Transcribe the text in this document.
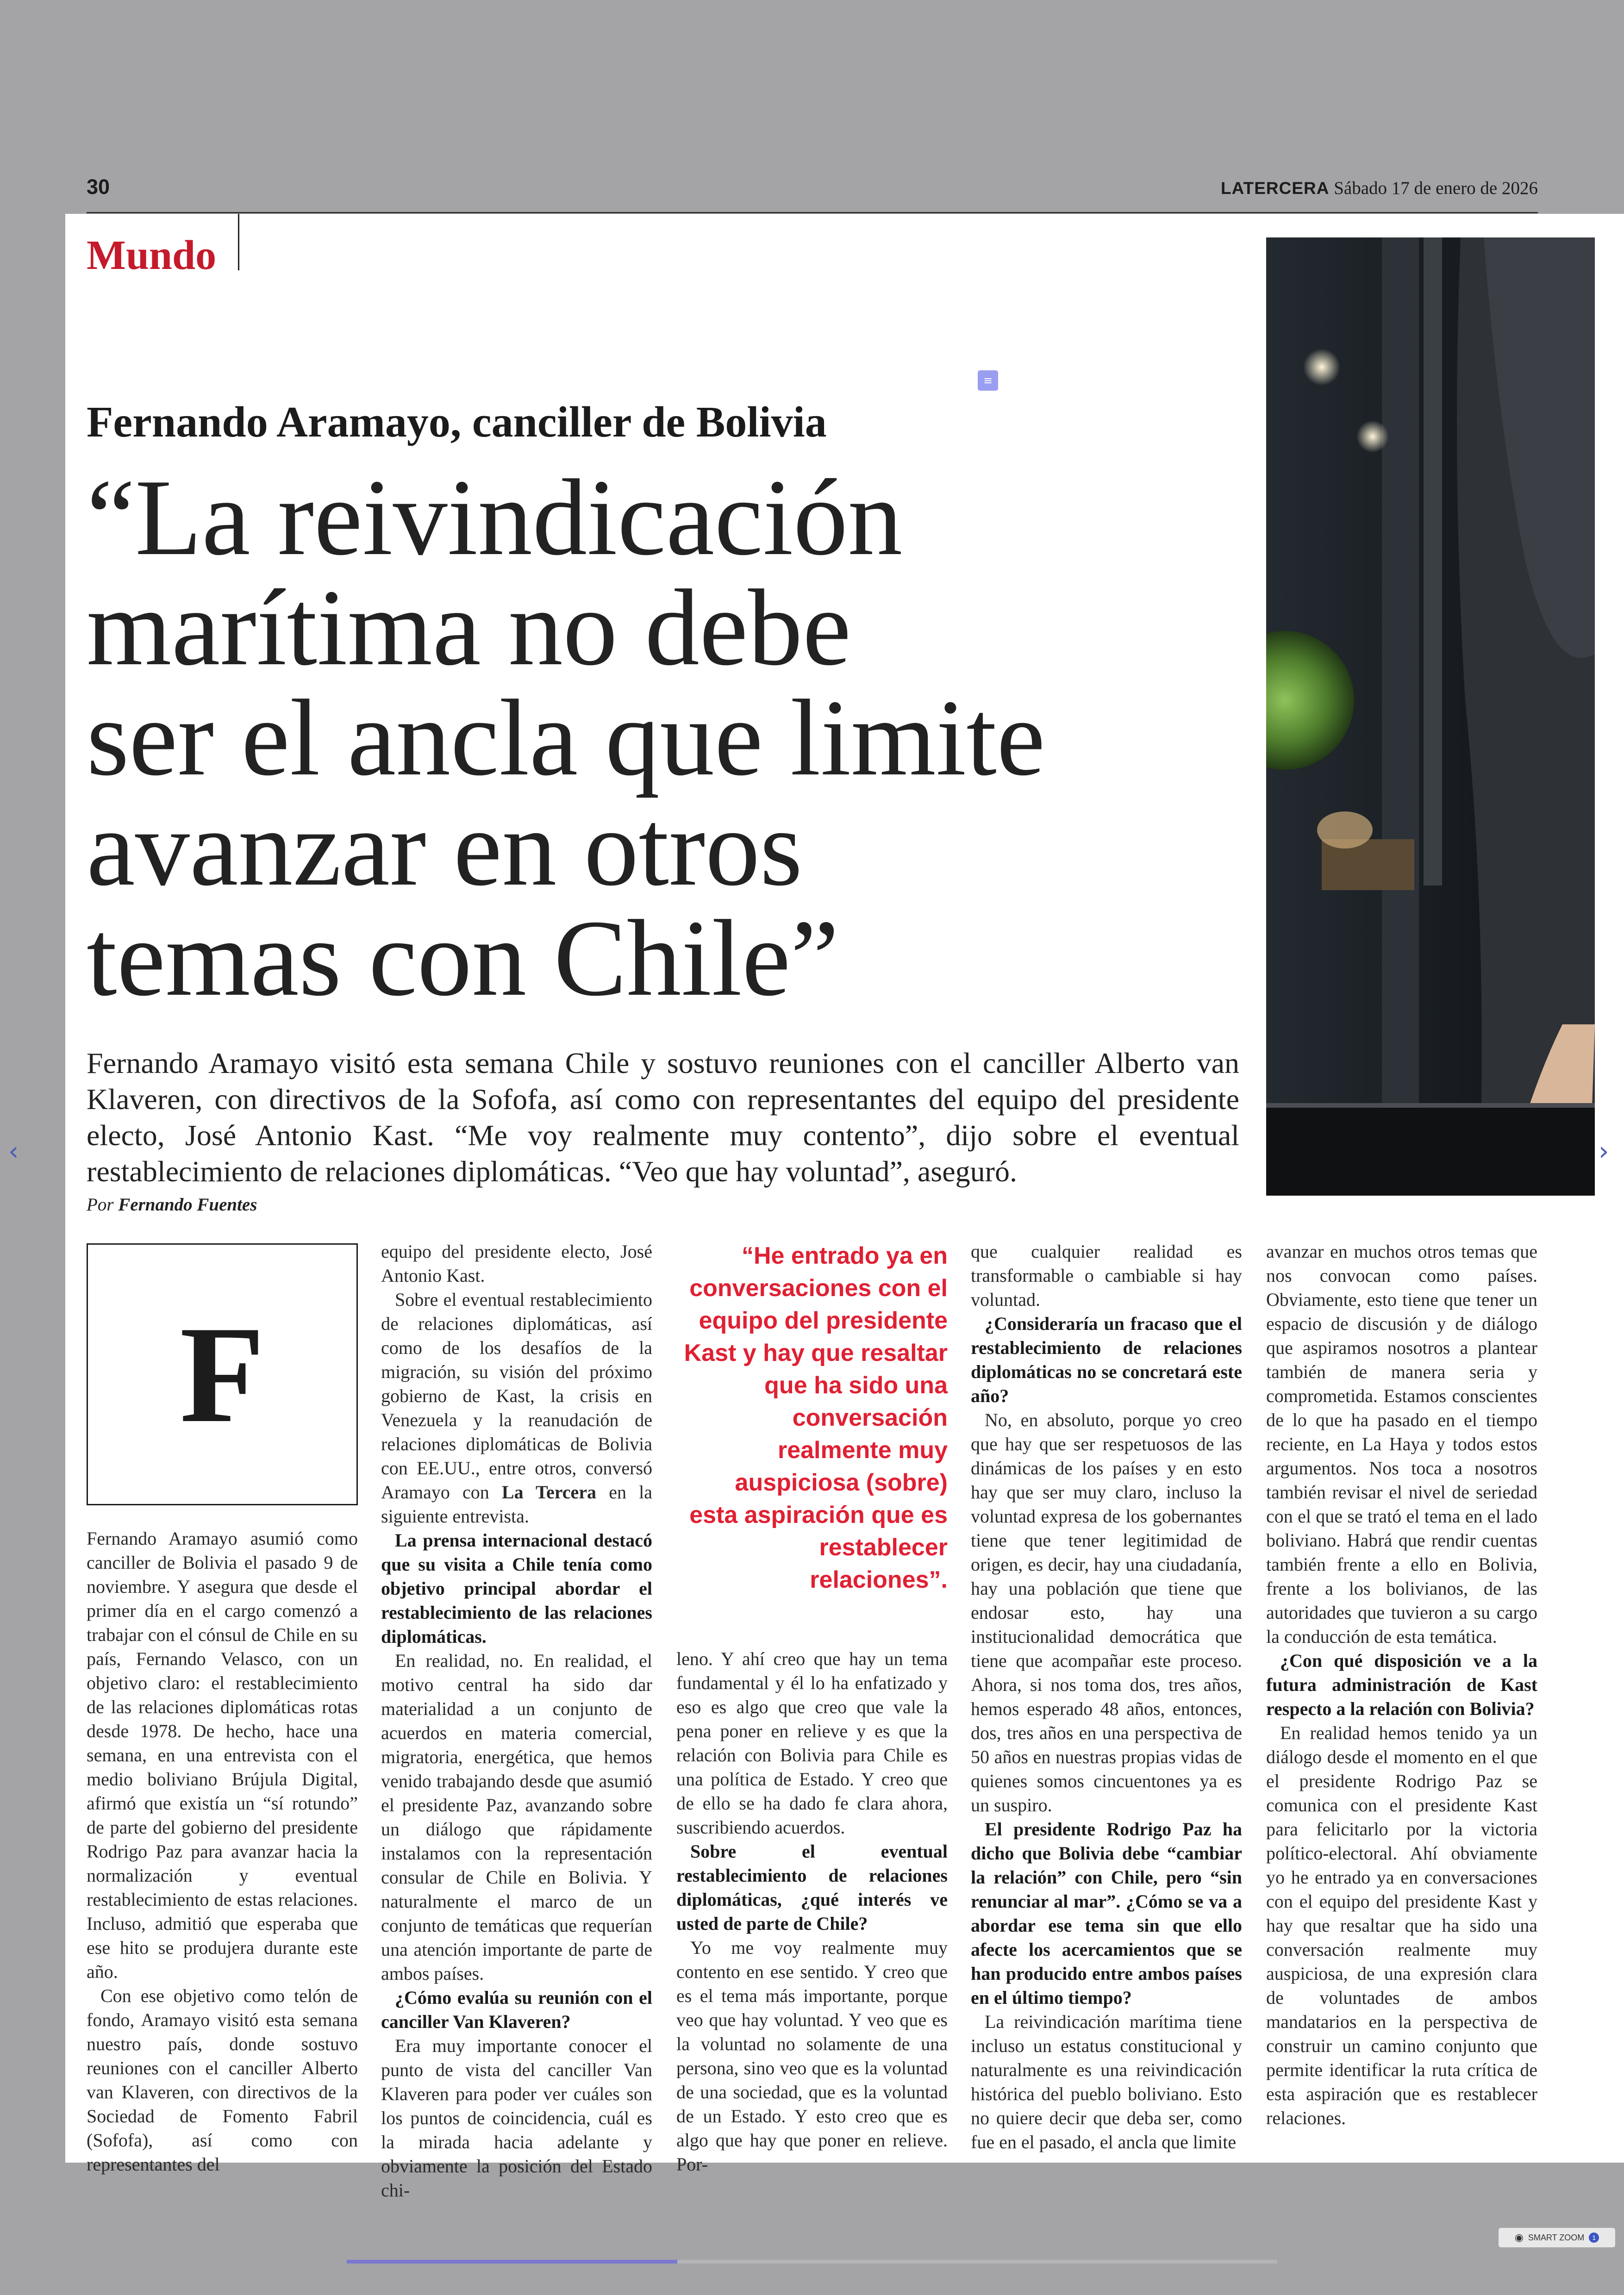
30	LATERCERA Sábado 17 de enero de 2026
Mundo
≡
Fernando Aramayo, canciller de Bolivia
“La reivindicación
marítima no debe
ser el ancla que limite
avanzar en otros
temas con Chile”

Fernando Aramayo visitó esta semana Chile y sostuvo reuniones con el canciller Alberto van Klaveren, con directivos de la Sofofa, así como con representantes del equipo del presidente electo, José Antonio Kast. “Me voy realmente muy contento”, dijo sobre el eventual restablecimiento de relaciones diplomáticas. “Veo que hay voluntad”, aseguró.

Por Fernando Fuentes
F

Fernando Aramayo asumió como canciller de Bolivia el pasado 9 de noviembre. Y asegura que desde el primer día en el cargo comenzó a trabajar con el cónsul de Chile en su país, Fernando Velasco, con un objetivo claro: el restablecimiento de las relaciones diplomáticas rotas desde 1978. De hecho, hace una semana, en una entrevista con el medio boliviano Brújula Digital, afirmó que existía un “sí rotundo” de parte del gobierno del presidente Rodrigo Paz para avanzar hacia la normalización y eventual restablecimiento de estas relaciones. Incluso, admitió que esperaba que ese hito se produjera durante este año.

Con ese objetivo como telón de fondo, Aramayo visitó esta semana nuestro país, donde sostuvo reuniones con el canciller Alberto van Klaveren, con directivos de la Sociedad de Fomento Fabril (Sofofa), así como con representantes del

equipo del presidente electo, José Antonio Kast.

Sobre el eventual restablecimiento de relaciones diplomáticas, así como de los desafíos de la migración, su visión del próximo gobierno de Kast, la crisis en Venezuela y la reanudación de relaciones diplomáticas de Bolivia con EE.UU., entre otros, conversó Aramayo con La Tercera en la siguiente entrevista.

La prensa internacional destacó que su visita a Chile tenía como objetivo principal abordar el restablecimiento de las relaciones diplomáticas.

En realidad, no. En realidad, el motivo central ha sido dar materialidad a un conjunto de acuerdos en materia comercial, migratoria, energética, que hemos venido trabajando desde que asumió el presidente Paz, avanzando sobre un diálogo que rápidamente instalamos con la representación consular de Chile en Bolivia. Y naturalmente el marco de un conjunto de temáticas que requerían una atención importante de parte de ambos países.

¿Cómo evalúa su reunión con el canciller Van Klaveren?

Era muy importante conocer el punto de vista del canciller Van Klaveren para poder ver cuáles son los puntos de coincidencia, cuál es la mirada hacia adelante y obviamente la posición del Estado chi-

“He entrado ya en conversaciones con el equipo del presidente Kast y hay que resaltar que ha sido una conversación realmente muy auspiciosa (sobre) esta aspiración que es restablecer relaciones”.

leno. Y ahí creo que hay un tema fundamental y él lo ha enfatizado y eso es algo que creo que vale la pena poner en relieve y es que la relación con Bolivia para Chile es una política de Estado. Y creo que de ello se ha dado fe clara ahora, suscribiendo acuerdos.

Sobre el eventual restablecimiento de relaciones diplomáticas, ¿qué interés ve usted de parte de Chile?

Yo me voy realmente muy contento en ese sentido. Y creo que es el tema más importante, porque veo que hay voluntad. Y veo que es la voluntad no solamente de una persona, sino veo que es la voluntad de una sociedad, que es la voluntad de un Estado. Y esto creo que es algo que hay que poner en relieve. Por-

que cualquier realidad es transformable o cambiable si hay voluntad.

¿Consideraría un fracaso que el restablecimiento de relaciones diplomáticas no se concretará este año?

No, en absoluto, porque yo creo que hay que ser respetuosos de las dinámicas de los países y en esto hay que ser muy claro, incluso la voluntad expresa de los gobernantes tiene que tener legitimidad de origen, es decir, hay una ciudadanía, hay una población que tiene que endosar esto, hay una institucionalidad democrática que tiene que acompañar este proceso. Ahora, si nos toma dos, tres años, hemos esperado 48 años, entonces, dos, tres años en una perspectiva de 50 años en nuestras propias vidas de quienes somos cincuentones ya es un suspiro.

El presidente Rodrigo Paz ha dicho que Bolivia debe “cambiar la relación” con Chile, pero “sin renunciar al mar”. ¿Cómo se va a abordar ese tema sin que ello afecte los acercamientos que se han producido entre ambos países en el último tiempo?

La reivindicación marítima tiene incluso un estatus constitucional y naturalmente es una reivindicación histórica del pueblo boliviano. Esto no quiere decir que deba ser, como fue en el pasado, el ancla que limite

avanzar en muchos otros temas que nos convocan como países. Obviamente, esto tiene que tener un espacio de discusión y de diálogo que aspiramos nosotros a plantear también de manera seria y comprometida. Estamos conscientes de lo que ha pasado en el tiempo reciente, en La Haya y todos estos argumentos. Nos toca a nosotros también revisar el nivel de seriedad con el que se trató el tema en el lado boliviano. Habrá que rendir cuentas también frente a ello en Bolivia, frente a los bolivianos, de las autoridades que tuvieron a su cargo la conducción de esta temática.

¿Con qué disposición ve a la futura administración de Kast respecto a la relación con Bolivia?

En realidad hemos tenido ya un diálogo desde el momento en el que el presidente Rodrigo Paz se comunica con el presidente Kast para felicitarlo por la victoria político-electoral. Ahí obviamente yo he entrado ya en conversaciones con el equipo del presidente Kast y hay que resaltar que ha sido una conversación realmente muy auspiciosa, de una expresión clara de voluntades de ambos mandatarios en la perspectiva de construir un camino conjunto que permite identificar la ruta crítica de esta aspiración que es restablecer relaciones.

‹	›
◉ SMART ZOOM	1
